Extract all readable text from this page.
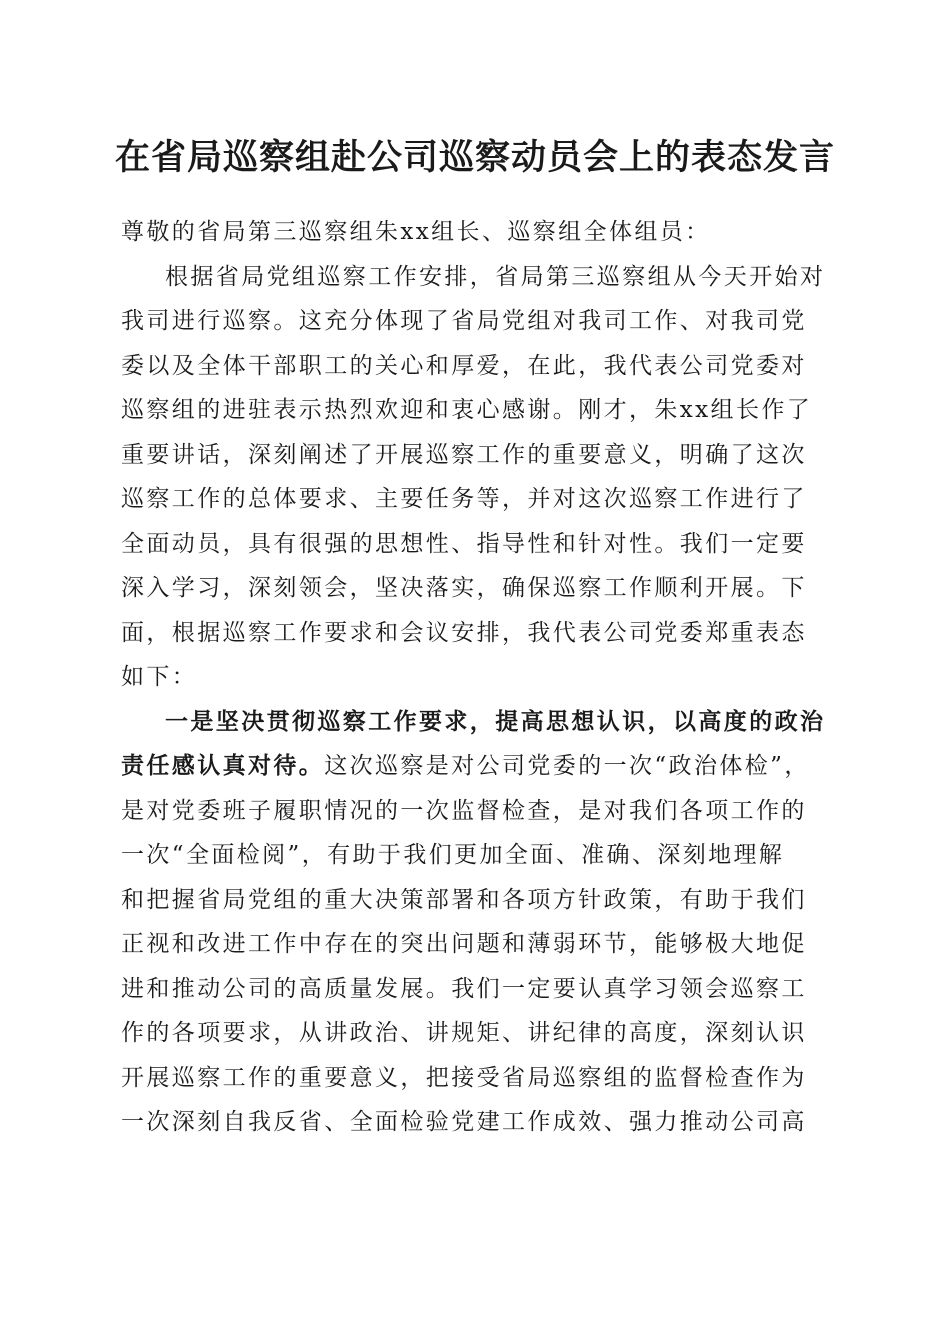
在省局巡察组赴公司巡察动员会上的表态发言

尊敬的省局第三巡察组朱xx组长、巡察组全体组员：

根据省局党组巡察工作安排，省局第三巡察组从今天开始对

我司进行巡察。这充分体现了省局党组对我司工作、对我司党

委以及全体干部职工的关心和厚爱，在此，我代表公司党委对

巡察组的进驻表示热烈欢迎和衷心感谢。刚才，朱xx组长作了

重要讲话，深刻阐述了开展巡察工作的重要意义，明确了这次

巡察工作的总体要求、主要任务等，并对这次巡察工作进行了

全面动员，具有很强的思想性、指导性和针对性。我们一定要

深入学习，深刻领会，坚决落实，确保巡察工作顺利开展。下

面，根据巡察工作要求和会议安排，我代表公司党委郑重表态

如下：

一是坚决贯彻巡察工作要求，提高思想认识，以高度的政治

责任感认真对待。这次巡察是对公司党委的一次“政治体检”，

是对党委班子履职情况的一次监督检查，是对我们各项工作的

一次“全面检阅”，有助于我们更加全面、准确、深刻地理解

和把握省局党组的重大决策部署和各项方针政策，有助于我们

正视和改进工作中存在的突出问题和薄弱环节，能够极大地促

进和推动公司的高质量发展。我们一定要认真学习领会巡察工

作的各项要求，从讲政治、讲规矩、讲纪律的高度，深刻认识

开展巡察工作的重要意义，把接受省局巡察组的监督检查作为

一次深刻自我反省、全面检验党建工作成效、强力推动公司高
